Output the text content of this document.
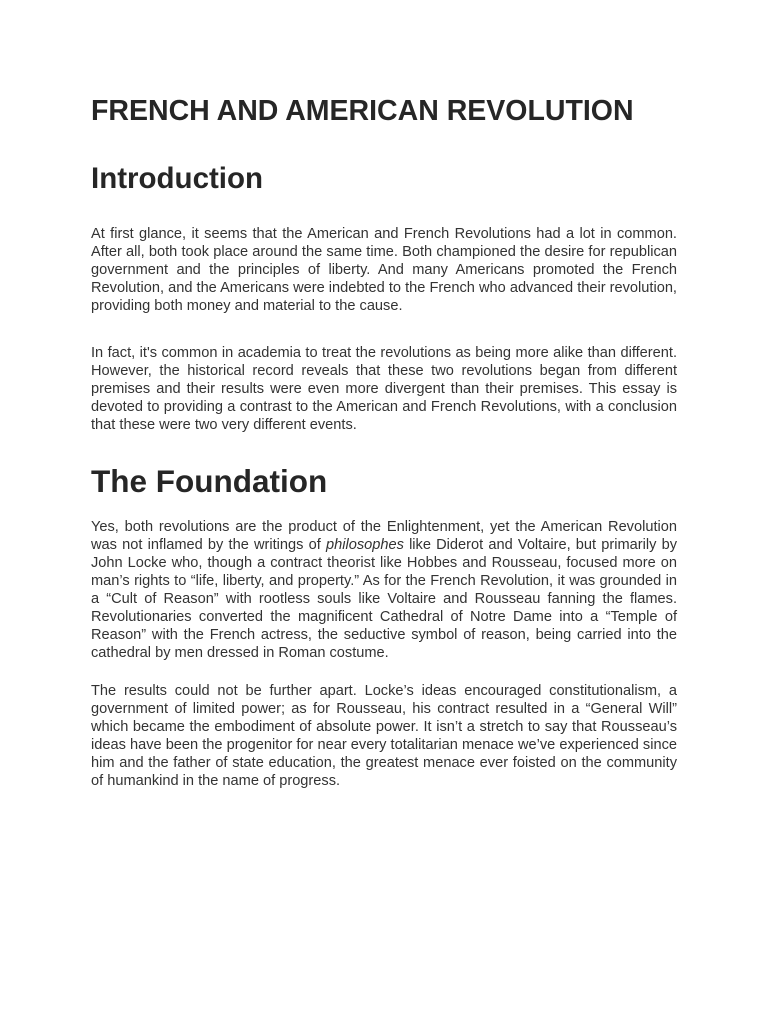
FRENCH AND AMERICAN REVOLUTION
Introduction

At first glance, it seems that the American and French Revolutions had a lot in common. After all, both took place around the same time. Both championed the desire for republican government and the principles of liberty. And many Americans promoted the French Revolution, and the Americans were indebted to the French who advanced their revolution, providing both money and material to the cause.

In fact, it's common in academia to treat the revolutions as being more alike than different. However, the historical record reveals that these two revolutions began from different premises and their results were even more divergent than their premises. This essay is devoted to providing a contrast to the American and French Revolutions, with a conclusion that these were two very different events.

The Foundation

Yes, both revolutions are the product of the Enlightenment, yet the American Revolution was not inflamed by the writings of philosophes like Diderot and Voltaire, but primarily by John Locke who, though a contract theorist like Hobbes and Rousseau, focused more on man’s rights to “life, liberty, and property.” As for the French Revolution, it was grounded in a “Cult of Reason” with rootless souls like Voltaire and Rousseau fanning the flames. Revolutionaries converted the magnificent Cathedral of Notre Dame into a “Temple of Reason” with the French actress, the seductive symbol of reason, being carried into the cathedral by men dressed in Roman costume.

The results could not be further apart. Locke’s ideas encouraged constitutionalism, a government of limited power; as for Rousseau, his contract resulted in a “General Will” which became the embodiment of absolute power. It isn’t a stretch to say that Rousseau’s ideas have been the progenitor for near every totalitarian menace we’ve experienced since him and the father of state education, the greatest menace ever foisted on the community of humankind in the name of progress.
